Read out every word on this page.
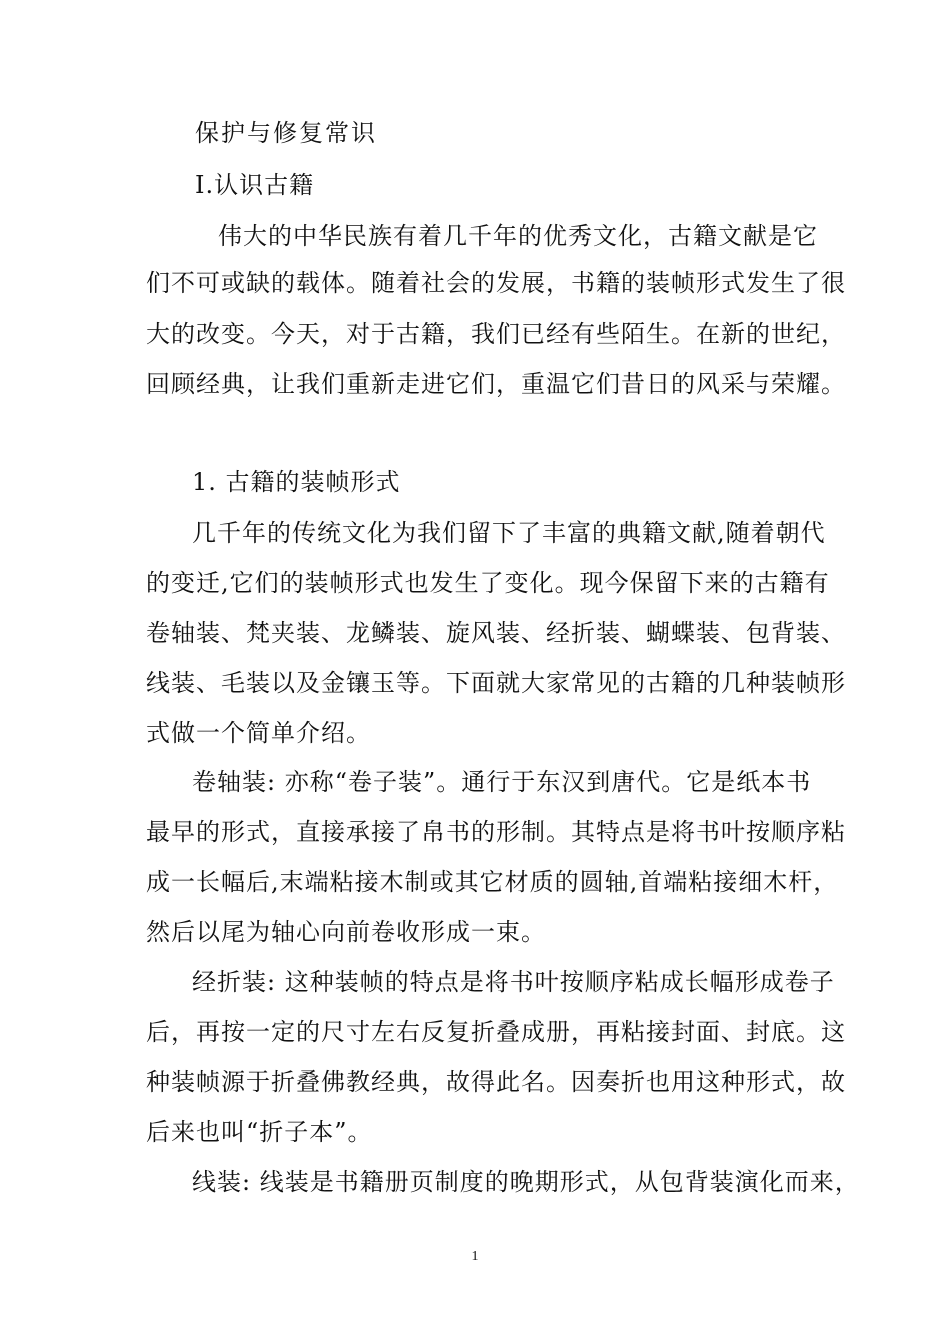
保护与修复常识
Ⅰ.认识古籍
伟大的中华民族有着几千年的优秀文化，古籍文献是它
们不可或缺的载体。随着社会的发展，书籍的装帧形式发生了很
大的改变。今天，对于古籍，我们已经有些陌生。在新的世纪，
回顾经典，让我们重新走进它们，重温它们昔日的风采与荣耀。
1. 古籍的装帧形式
几千年的传统文化为我们留下了丰富的典籍文献,随着朝代
的变迁,它们的装帧形式也发生了变化。现今保留下来的古籍有
卷轴装、梵夹装、龙鳞装、旋风装、经折装、蝴蝶装、包背装、
线装、毛装以及金镶玉等。下面就大家常见的古籍的几种装帧形
式做一个简单介绍。
卷轴装: 亦称“卷子装”。通行于东汉到唐代。它是纸本书
最早的形式，直接承接了帛书的形制。其特点是将书叶按顺序粘
成一长幅后,末端粘接木制或其它材质的圆轴,首端粘接细木杆，
然后以尾为轴心向前卷收形成一束。
经折装: 这种装帧的特点是将书叶按顺序粘成长幅形成卷子
后，再按一定的尺寸左右反复折叠成册，再粘接封面、封底。这
种装帧源于折叠佛教经典，故得此名。因奏折也用这种形式，故
后来也叫“折子本”。
线装: 线装是书籍册页制度的晚期形式，从包背装演化而来，
1
